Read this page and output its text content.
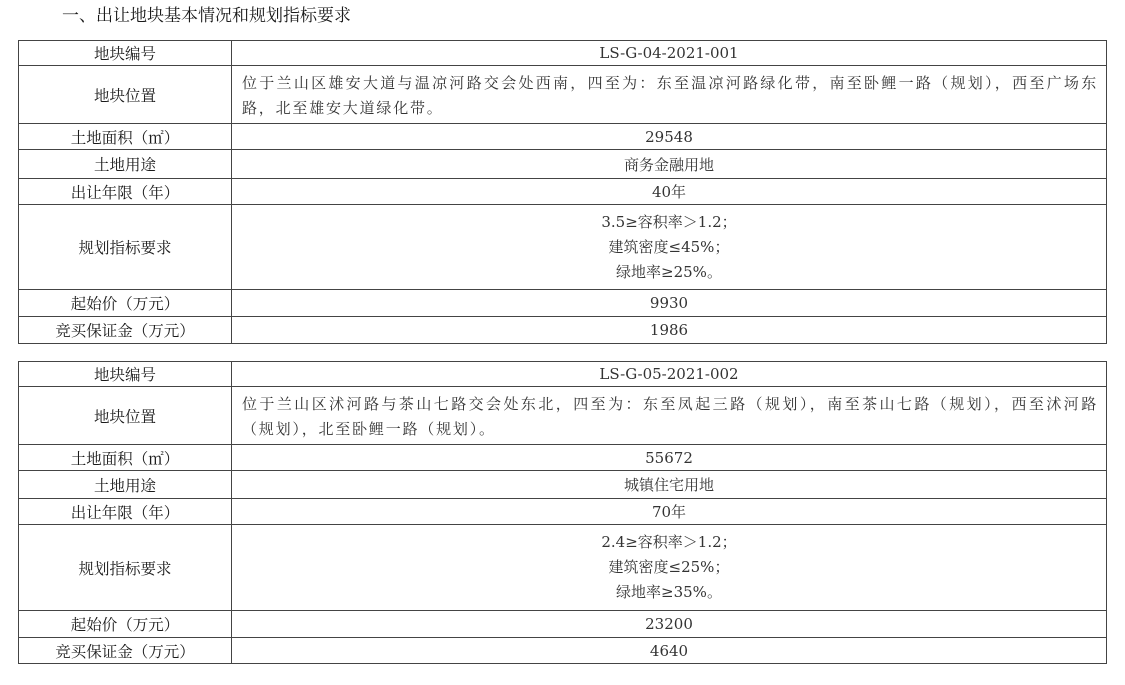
一、出让地块基本情况和规划指标要求
地块编号	LS-G-04-2021-001
地块位置	位于兰山区雄安大道与温凉河路交会处西南，四至为：东至温凉河路绿化带，南至卧鲤一路（规划），西至广场东路，北至雄安大道绿化带。
土地面积（㎡）	29548
土地用途	商务金融用地
出让年限（年）	40年
规划指标要求	3.5≥容积率＞1.2；
建筑密度≤45%；
绿地率≥25%。

起始价（万元）	9930
竞买保证金（万元）	1986
地块编号	LS-G-05-2021-002
地块位置	位于兰山区沭河路与茶山七路交会处东北，四至为：东至凤起三路（规划），南至茶山七路（规划），西至沭河路（规划），北至卧鲤一路（规划）。
土地面积（㎡）	55672
土地用途	城镇住宅用地
出让年限（年）	70年
规划指标要求	2.4≥容积率＞1.2；
建筑密度≤25%；
绿地率≥35%。

起始价（万元）	23200
竞买保证金（万元）	4640
